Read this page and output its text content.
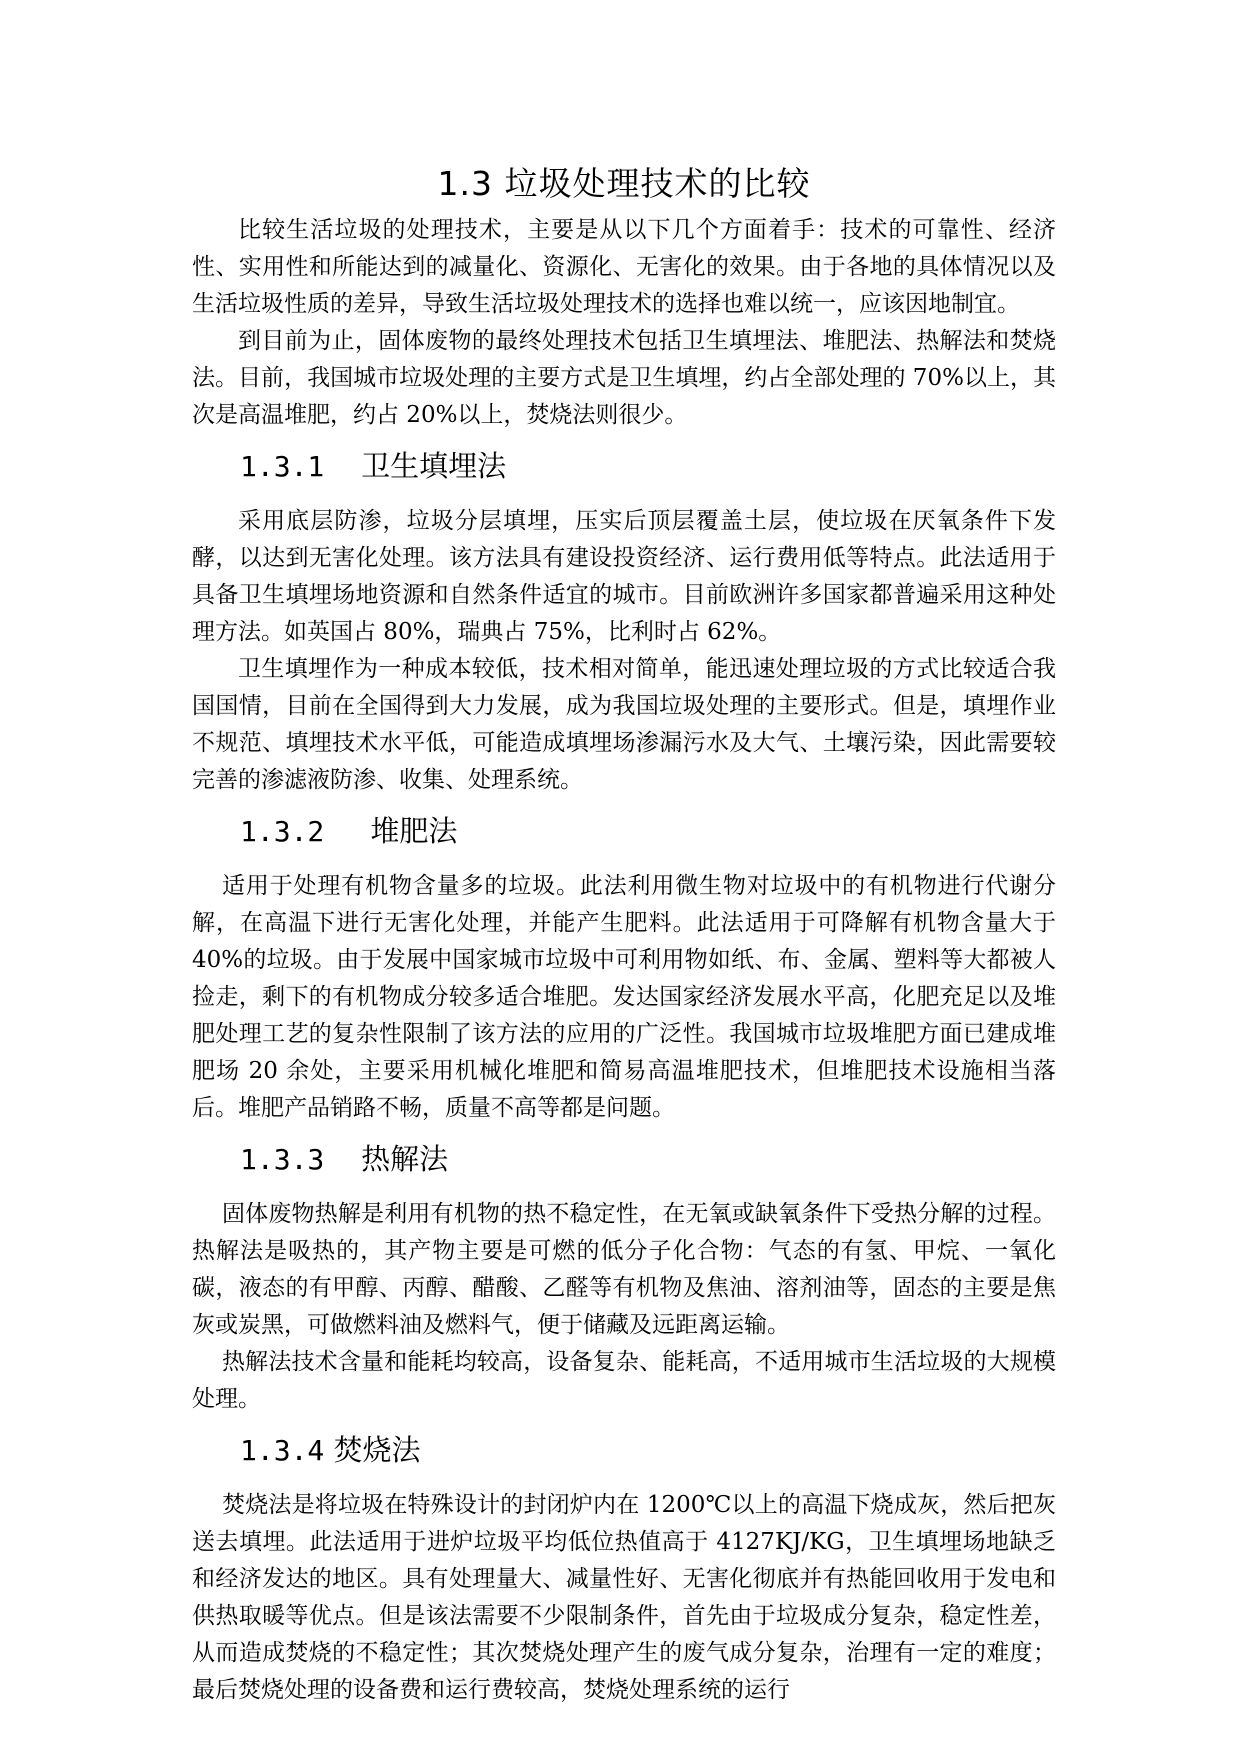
1.3 垃圾处理技术的比较

比较生活垃圾的处理技术，主要是从以下几个方面着手：技术的可靠性、经济性、实用性和所能达到的减量化、资源化、无害化的效果。由于各地的具体情况以及生活垃圾性质的差异，导致生活垃圾处理技术的选择也难以统一，应该因地制宜。

到目前为止，固体废物的最终处理技术包括卫生填埋法、堆肥法、热解法和焚烧法。目前，我国城市垃圾处理的主要方式是卫生填埋，约占全部处理的 70%以上，其次是高温堆肥，约占 20%以上，焚烧法则很少。

1.3.1 卫生填埋法

采用底层防渗，垃圾分层填埋，压实后顶层覆盖土层，使垃圾在厌氧条件下发酵，以达到无害化处理。该方法具有建设投资经济、运行费用低等特点。此法适用于具备卫生填埋场地资源和自然条件适宜的城市。目前欧洲许多国家都普遍采用这种处理方法。如英国占 80%，瑞典占 75%，比利时占 62%。

卫生填埋作为一种成本较低，技术相对简单，能迅速处理垃圾的方式比较适合我国国情，目前在全国得到大力发展，成为我国垃圾处理的主要形式。但是，填埋作业不规范、填埋技术水平低，可能造成填埋场渗漏污水及大气、土壤污染，因此需要较完善的渗滤液防渗、收集、处理系统。

1.3.2 堆肥法

适用于处理有机物含量多的垃圾。此法利用微生物对垃圾中的有机物进行代谢分解，在高温下进行无害化处理，并能产生肥料。此法适用于可降解有机物含量大于 40%的垃圾。由于发展中国家城市垃圾中可利用物如纸、布、金属、塑料等大都被人捡走，剩下的有机物成分较多适合堆肥。发达国家经济发展水平高，化肥充足以及堆肥处理工艺的复杂性限制了该方法的应用的广泛性。我国城市垃圾堆肥方面已建成堆肥场 20 余处，主要采用机械化堆肥和简易高温堆肥技术，但堆肥技术设施相当落后。堆肥产品销路不畅，质量不高等都是问题。

1.3.3 热解法

固体废物热解是利用有机物的热不稳定性，在无氧或缺氧条件下受热分解的过程。热解法是吸热的，其产物主要是可燃的低分子化合物：气态的有氢、甲烷、一氧化碳，液态的有甲醇、丙醇、醋酸、乙醛等有机物及焦油、溶剂油等，固态的主要是焦灰或炭黑，可做燃料油及燃料气，便于储藏及远距离运输。

热解法技术含量和能耗均较高，设备复杂、能耗高，不适用城市生活垃圾的大规模处理。

1.3.4 焚烧法

焚烧法是将垃圾在特殊设计的封闭炉内在 1200℃以上的高温下烧成灰，然后把灰送去填埋。此法适用于进炉垃圾平均低位热值高于 4127KJ/KG，卫生填埋场地缺乏和经济发达的地区。具有处理量大、减量性好、无害化彻底并有热能回收用于发电和供热取暖等优点。但是该法需要不少限制条件，首先由于垃圾成分复杂，稳定性差，从而造成焚烧的不稳定性；其次焚烧处理产生的废气成分复杂，治理有一定的难度；最后焚烧处理的设备费和运行费较高，焚烧处理系统的运行
